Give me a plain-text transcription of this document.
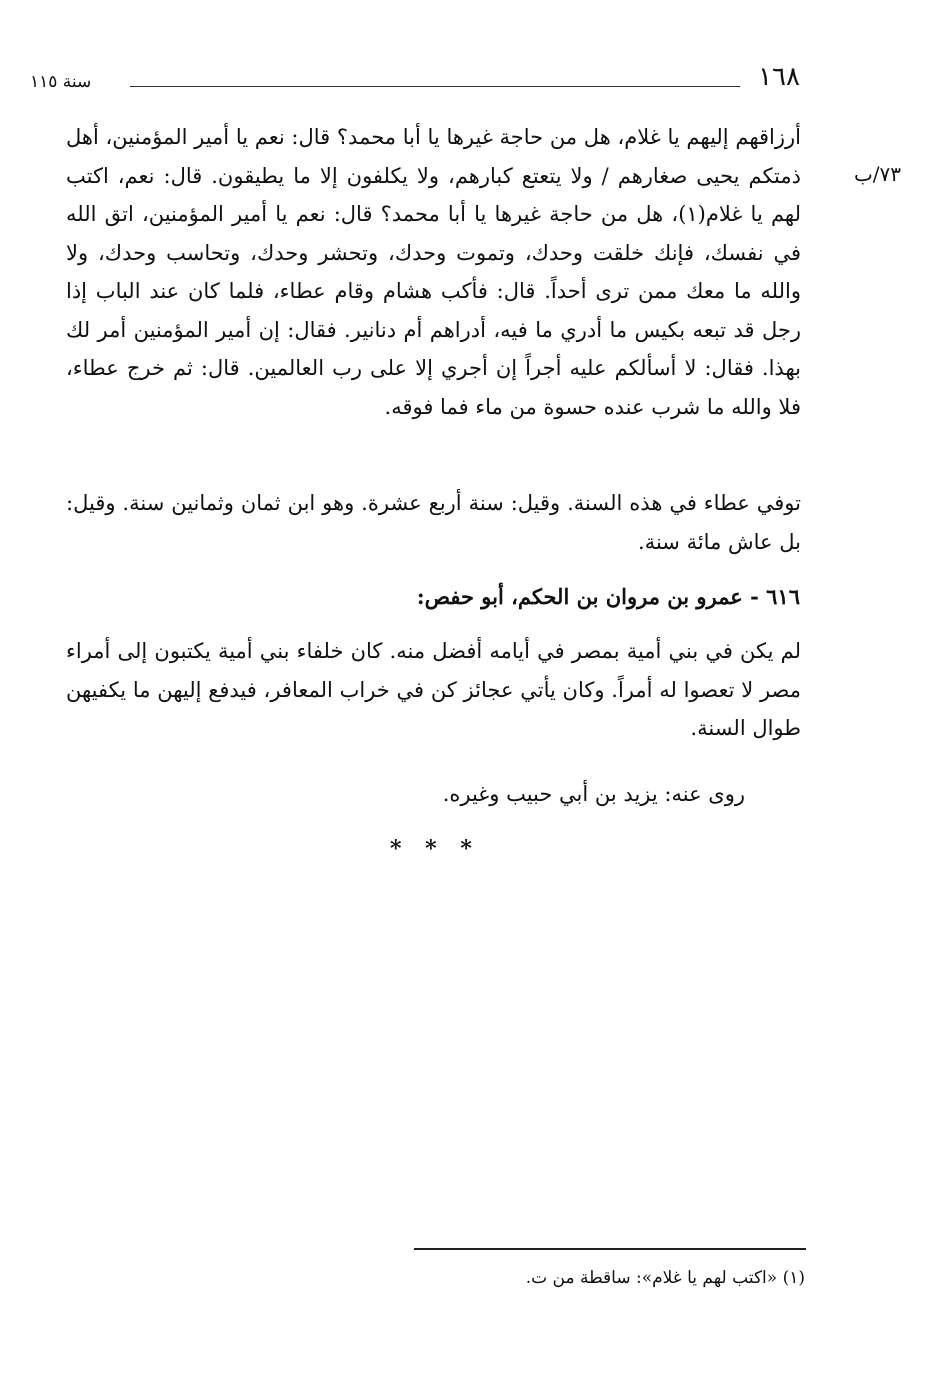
١٦٨
سنة ١١٥
٧٣/ب

أرزاقهم إليهم يا غلام، هل من حاجة غيرها يا أبا محمد؟ قال: نعم يا أمير المؤمنين، أهل ذمتكم يحيى صغارهم / ولا يتعتع كبارهم، ولا يكلفون إلا ما يطيقون. قال: نعم، اكتب لهم يا غلام(١)، هل من حاجة غيرها يا أبا محمد؟ قال: نعم يا أمير المؤمنين، اتق الله في نفسك، فإنك خلقت وحدك، وتموت وحدك، وتحشر وحدك، وتحاسب وحدك، ولا والله ما معك ممن ترى أحداً. قال: فأكب هشام وقام عطاء، فلما كان عند الباب إذا رجل قد تبعه بكيس ما أدري ما فيه، أدراهم أم دنانير. فقال: إن أمير المؤمنين أمر لك بهذا. فقال: لا أسألكم عليه أجراً إن أجري إلا على رب العالمين. قال: ثم خرج عطاء، فلا والله ما شرب عنده حسوة من ماء فما فوقه.

توفي عطاء في هذه السنة. وقيل: سنة أربع عشرة. وهو ابن ثمان وثمانين سنة. وقيل: بل عاش مائة سنة.

٦١٦ - عمرو بن مروان بن الحكم، أبو حفص:

لم يكن في بني أمية بمصر في أيامه أفضل منه. كان خلفاء بني أمية يكتبون إلى أمراء مصر لا تعصوا له أمراً. وكان يأتي عجائز كن في خراب المعافر، فيدفع إليهن ما يكفيهن طوال السنة.

روى عنه: يزيد بن أبي حبيب وغيره.
* * *
(١) «اكتب لهم يا غلام»: ساقطة من ت.
